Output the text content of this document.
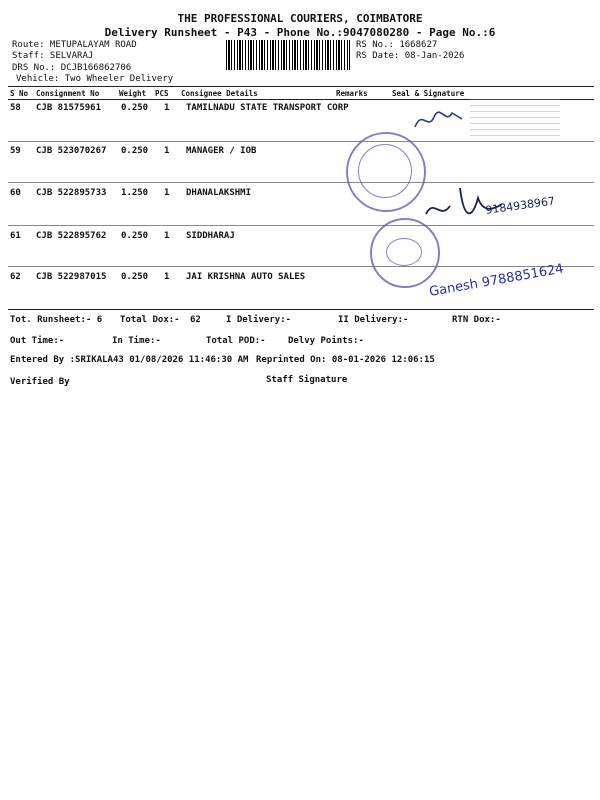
THE PROFESSIONAL COURIERS, COIMBATORE
Delivery Runsheet - P43 - Phone No.:9047080280 - Page No.:6
Route: METUPALAYAM ROAD
Staff: SELVARAJ
DRS No.: DCJB166862706
Vehicle: Two Wheeler Delivery
RS No.: 1668627
RS Date: 08-Jan-2026
S No Consignment No	Weight PCS Consignee Details	Remarks	Seal & Signature
58 CJB 81575961 0.250 1 TAMILNADU STATE TRANSPORT CORP
59 CJB 523070267 0.250 1 MANAGER / IOB
60 CJB 522895733 1.250 1 DHANALAKSHMI
61 CJB 522895762 0.250 1 SIDDHARAJ
62 CJB 522987015 0.250 1 JAI KRISHNA AUTO SALES
9184938967
Ganesh 9788851624
Tot. Runsheet:- 6 Total Dox:- 62	I Delivery:-	II Delivery:-	RTN Dox:-
Out Time:-	In Time:-	Total POD:- Delvy Points:-
Entered By :SRIKALA43 01/08/2026 11:46:30 AM Reprinted On: 08-01-2026 12:06:15
Verified By	Staff Signature
